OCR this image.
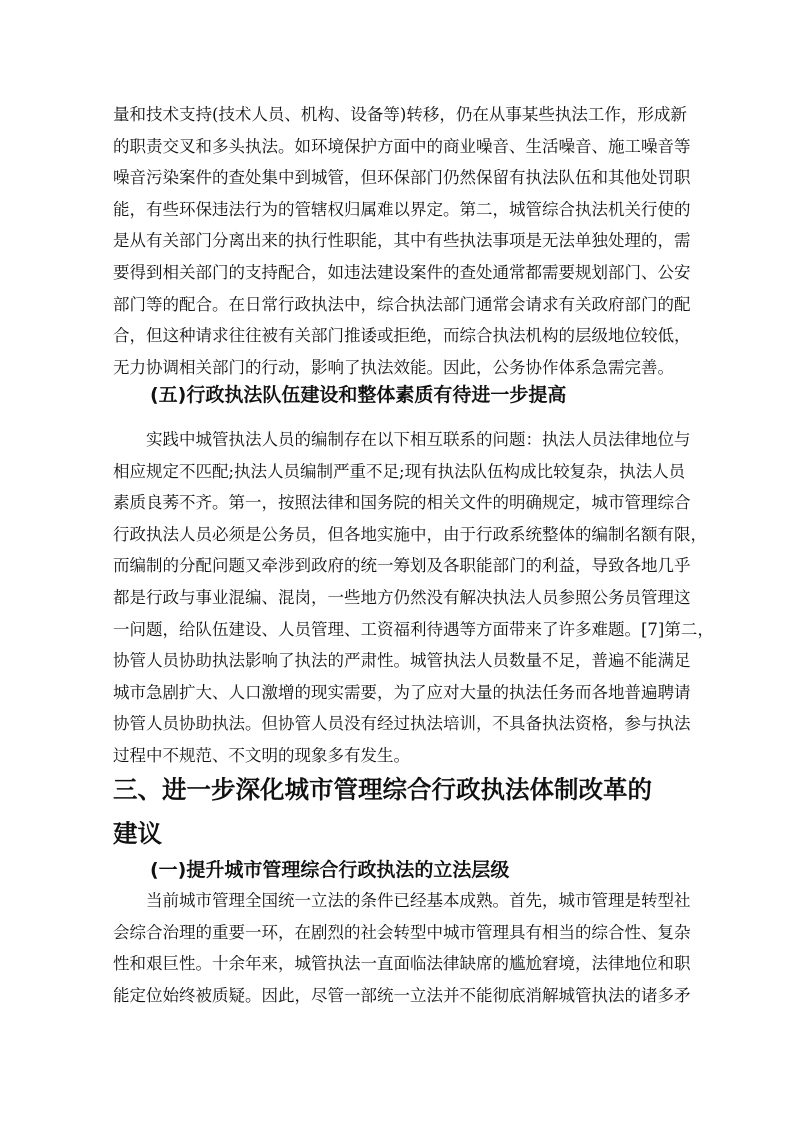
量和技术支持(技术人员、机构、设备等)转移，仍在从事某些执法工作，形成新
的职责交叉和多头执法。如环境保护方面中的商业噪音、生活噪音、施工噪音等
噪音污染案件的查处集中到城管，但环保部门仍然保留有执法队伍和其他处罚职
能，有些环保违法行为的管辖权归属难以界定。第二，城管综合执法机关行使的
是从有关部门分离出来的执行性职能，其中有些执法事项是无法单独处理的，需
要得到相关部门的支持配合，如违法建设案件的查处通常都需要规划部门、公安
部门等的配合。在日常行政执法中，综合执法部门通常会请求有关政府部门的配
合，但这种请求往往被有关部门推诿或拒绝，而综合执法机构的层级地位较低，
无力协调相关部门的行动，影响了执法效能。因此，公务协作体系急需完善。
(五)行政执法队伍建设和整体素质有待进一步提高
　　实践中城管执法人员的编制存在以下相互联系的问题：执法人员法律地位与
相应规定不匹配;执法人员编制严重不足;现有执法队伍构成比较复杂，执法人员
素质良莠不齐。第一，按照法律和国务院的相关文件的明确规定，城市管理综合
行政执法人员必须是公务员，但各地实施中，由于行政系统整体的编制名额有限，
而编制的分配问题又牵涉到政府的统一筹划及各职能部门的利益，导致各地几乎
都是行政与事业混编、混岗，一些地方仍然没有解决执法人员参照公务员管理这
一问题，给队伍建设、人员管理、工资福利待遇等方面带来了许多难题。[7]第二，
协管人员协助执法影响了执法的严肃性。城管执法人员数量不足，普遍不能满足
城市急剧扩大、人口激增的现实需要，为了应对大量的执法任务而各地普遍聘请
协管人员协助执法。但协管人员没有经过执法培训，不具备执法资格，参与执法
过程中不规范、不文明的现象多有发生。
三、进一步深化城市管理综合行政执法体制改革的
建议
(一)提升城市管理综合行政执法的立法层级
　　当前城市管理全国统一立法的条件已经基本成熟。首先，城市管理是转型社
会综合治理的重要一环，在剧烈的社会转型中城市管理具有相当的综合性、复杂
性和艰巨性。十余年来，城管执法一直面临法律缺席的尴尬窘境，法律地位和职
能定位始终被质疑。因此，尽管一部统一立法并不能彻底消解城管执法的诸多矛
